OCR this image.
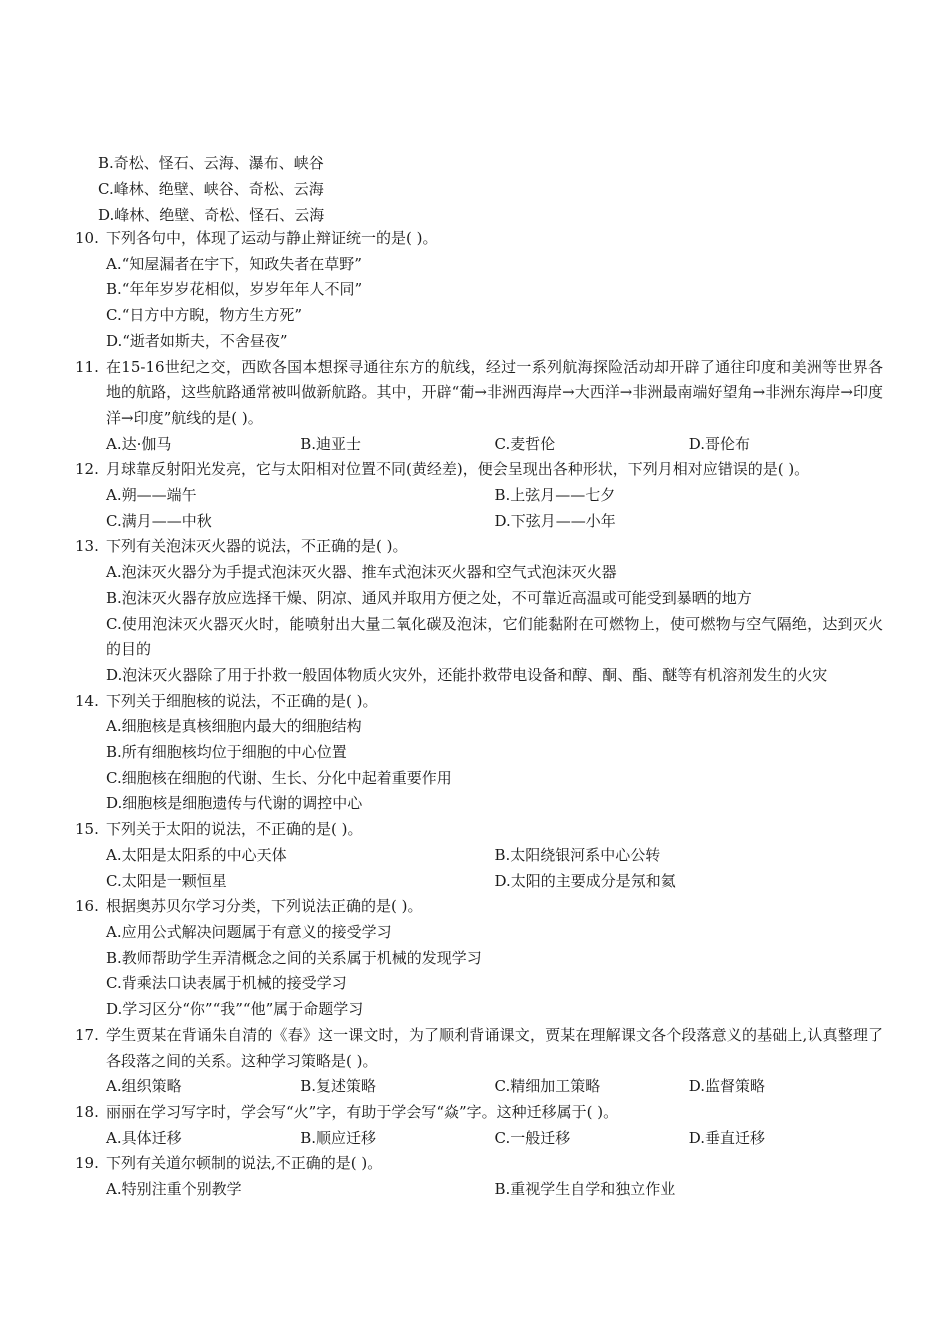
B.奇松、怪石、云海、瀑布、峡谷
C.峰林、绝壁、峡谷、奇松、云海
D.峰林、绝壁、奇松、怪石、云海
10. 下列各句中，体现了运动与静止辩证统一的是( )。
A.“知屋漏者在宇下，知政失者在草野”
B.“年年岁岁花相似，岁岁年年人不同”
C.“日方中方睨，物方生方死”
D.“逝者如斯夫，不舍昼夜”
11. 在15-16世纪之交，西欧各国本想探寻通往东方的航线，经过一系列航海探险活动却开辟了通往印度和美洲等世界各地的航路，这些航路通常被叫做新航路。其中，开辟“葡→非洲西海岸→大西洋→非洲最南端好望角→非洲东海岸→印度洋→印度”航线的是( )。
A.达·伽马	B.迪亚士	C.麦哲伦	D.哥伦布
12. 月球靠反射阳光发亮，它与太阳相对位置不同(黄经差)，便会呈现出各种形状，下列月相对应错误的是( )。
A.朔——端午	B.上弦月——七夕
C.满月——中秋	D.下弦月——小年
13. 下列有关泡沫灭火器的说法，不正确的是( )。
A.泡沫灭火器分为手提式泡沫灭火器、推车式泡沫灭火器和空气式泡沫灭火器
B.泡沫灭火器存放应选择干燥、阴凉、通风并取用方便之处，不可靠近高温或可能受到暴晒的地方
C.使用泡沫灭火器灭火时，能喷射出大量二氧化碳及泡沫，它们能黏附在可燃物上，使可燃物与空气隔绝，达到灭火的目的
D.泡沫灭火器除了用于扑救一般固体物质火灾外，还能扑救带电设备和醇、酮、酯、醚等有机溶剂发生的火灾
14. 下列关于细胞核的说法，不正确的是( )。
A.细胞核是真核细胞内最大的细胞结构
B.所有细胞核均位于细胞的中心位置
C.细胞核在细胞的代谢、生长、分化中起着重要作用
D.细胞核是细胞遗传与代谢的调控中心
15. 下列关于太阳的说法，不正确的是( )。
A.太阳是太阳系的中心天体	B.太阳绕银河系中心公转
C.太阳是一颗恒星	D.太阳的主要成分是氖和氦
16. 根据奥苏贝尔学习分类，下列说法正确的是( )。
A.应用公式解决问题属于有意义的接受学习
B.教师帮助学生弄清概念之间的关系属于机械的发现学习
C.背乘法口诀表属于机械的接受学习
D.学习区分“你”“我”“他”属于命题学习
17. 学生贾某在背诵朱自清的《春》这一课文时，为了顺利背诵课文，贾某在理解课文各个段落意义的基础上,认真整理了各段落之间的关系。这种学习策略是( )。
A.组织策略	B.复述策略	C.精细加工策略	D.监督策略
18. 丽丽在学习写字时，学会写“火”字，有助于学会写“焱”字。这种迁移属于( )。
A.具体迁移	B.顺应迁移	C.一般迁移	D.垂直迁移
19. 下列有关道尔顿制的说法,不正确的是( )。
A.特别注重个别教学	B.重视学生自学和独立作业
